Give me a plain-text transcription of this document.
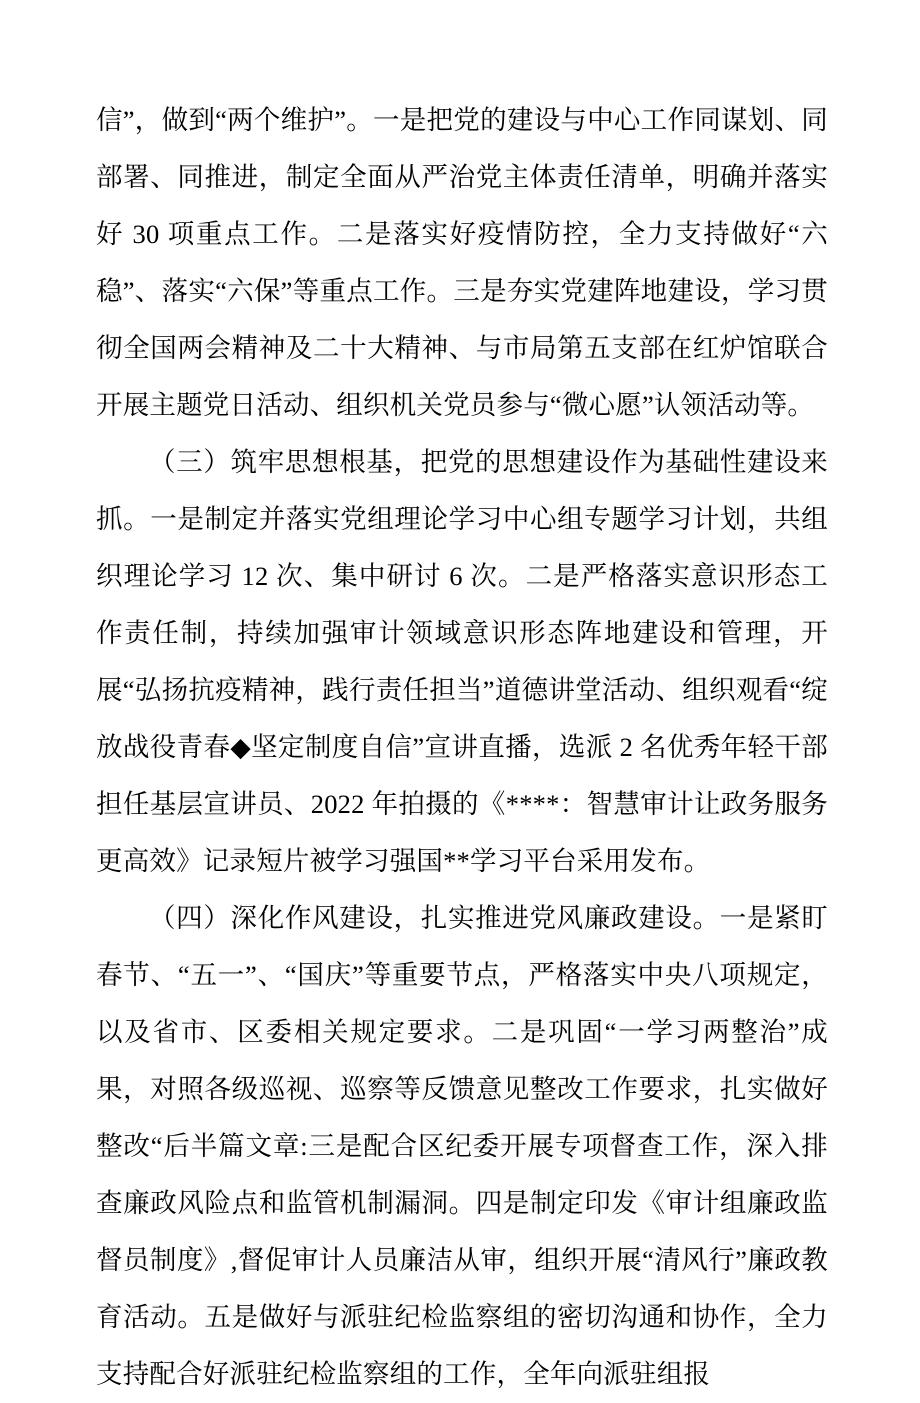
信”，做到“两个维护”。一是把党的建设与中心工作同谋划、同部署、同推进，制定全面从严治党主体责任清单，明确并落实好 30 项重点工作。二是落实好疫情防控，全力支持做好“六稳”、落实“六保”等重点工作。三是夯实党建阵地建设，学习贯彻全国两会精神及二十大精神、与市局第五支部在红炉馆联合开展主题党日活动、组织机关党员参与“微心愿”认领活动等。

（三）筑牢思想根基，把党的思想建设作为基础性建设来抓。一是制定并落实党组理论学习中心组专题学习计划，共组织理论学习 12 次、集中研讨 6 次。二是严格落实意识形态工作责任制，持续加强审计领域意识形态阵地建设和管理，开展“弘扬抗疫精神，践行责任担当”道德讲堂活动、组织观看“绽放战役青春◆坚定制度自信”宣讲直播，选派 2 名优秀年轻干部担任基层宣讲员、2022 年拍摄的《****：智慧审计让政务服务更高效》记录短片被学习强国**学习平台采用发布。

（四）深化作风建设，扎实推进党风廉政建设。一是紧盯春节、“五一”、“国庆”等重要节点，严格落实中央八项规定，以及省市、区委相关规定要求。二是巩固“一学习两整治”成果，对照各级巡视、巡察等反馈意见整改工作要求，扎实做好整改“后半篇文章:三是配合区纪委开展专项督查工作，深入排查廉政风险点和监管机制漏洞。四是制定印发《审计组廉政监督员制度》,督促审计人员廉洁从审，组织开展“清风行”廉政教育活动。五是做好与派驻纪检监察组的密切沟通和协作，全力支持配合好派驻纪检监察组的工作，全年向派驻组报
